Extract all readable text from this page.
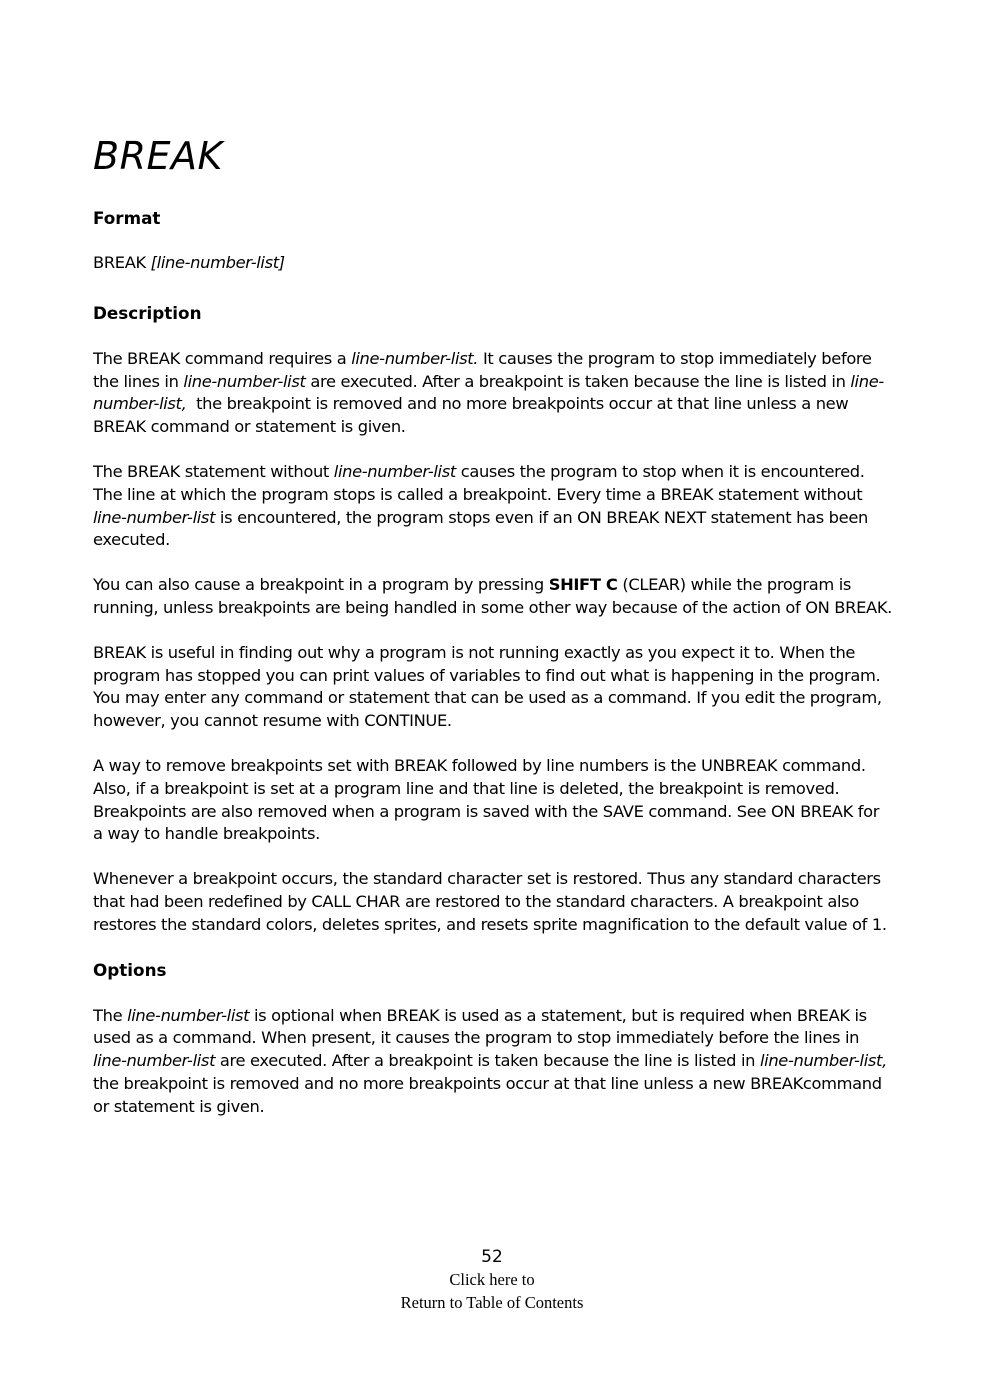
BREAK
Format

BREAK [line-number-list]

Description

The BREAK command requires a line-number-list. It causes the program to stop immediately before the lines in line-number-list are executed. After a breakpoint is taken because the line is listed in line-number-list,  the breakpoint is removed and no more breakpoints occur at that line unless a new BREAK command or statement is given.

The BREAK statement without line-number-list causes the program to stop when it is encountered. The line at which the program stops is called a breakpoint. Every time a BREAK statement without line-number-list is encountered, the program stops even if an ON BREAK NEXT statement has been executed.

You can also cause a breakpoint in a program by pressing SHIFT C (CLEAR) while the program is running, unless breakpoints are being handled in some other way because of the action of ON BREAK.

BREAK is useful in finding out why a program is not running exactly as you expect it to. When the program has stopped you can print values of variables to find out what is happening in the program. You may enter any command or statement that can be used as a command. If you edit the program, however, you cannot resume with CONTINUE.

A way to remove breakpoints set with BREAK followed by line numbers is the UNBREAK command. Also, if a breakpoint is set at a program line and that line is deleted, the breakpoint is removed. Breakpoints are also removed when a program is saved with the SAVE command. See ON BREAK for a way to handle breakpoints.

Whenever a breakpoint occurs, the standard character set is restored. Thus any standard characters that had been redefined by CALL CHAR are restored to the standard characters. A breakpoint also restores the standard colors, deletes sprites, and resets sprite magnification to the default value of 1.

Options

The line-number-list is optional when BREAK is used as a statement, but is required when BREAK is used as a command. When present, it causes the program to stop immediately before the lines in line-number-list are executed. After a breakpoint is taken because the line is listed in line-number-list, the breakpoint is removed and no more breakpoints occur at that line unless a new BREAKcommand or statement is given.

52
Click here to
Return to Table of Contents
